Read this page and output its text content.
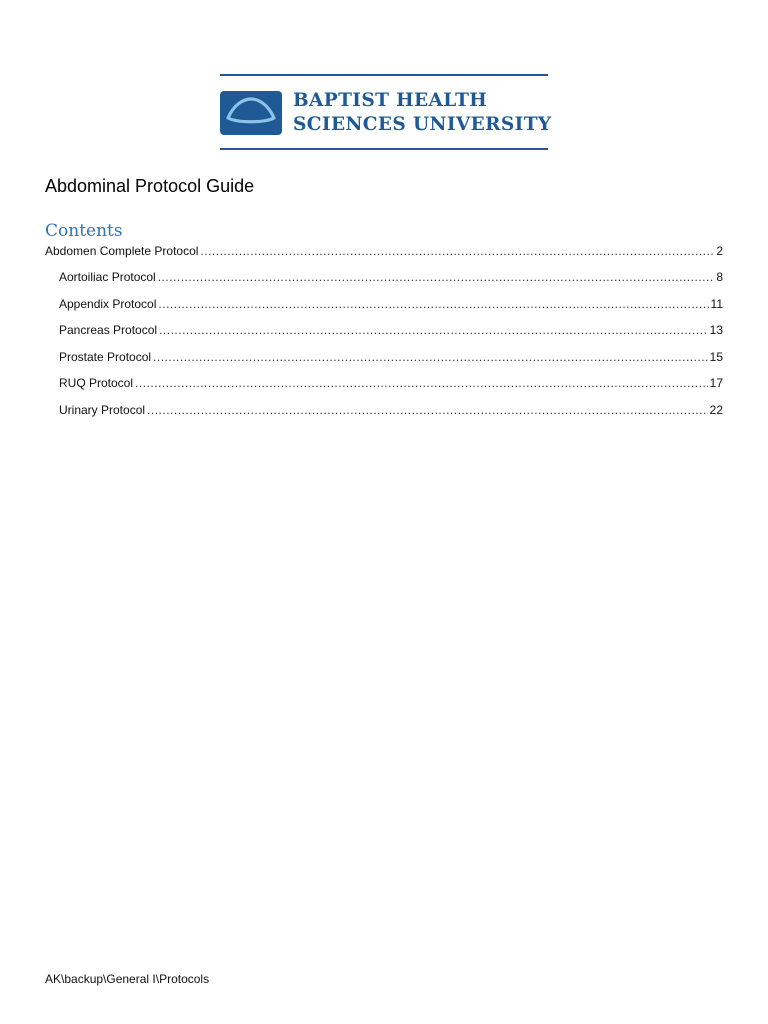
BAPTIST HEALTH
SCIENCES UNIVERSITY
Abdominal Protocol Guide
Contents
Abdomen Complete Protocol .....	2
Aortoiliac Protocol .....	8
Appendix Protocol .....	11
Pancreas Protocol .....	13
Prostate Protocol .....	15
RUQ Protocol .....	17
Urinary Protocol .....	22
AK\backup\General I\Protocols
